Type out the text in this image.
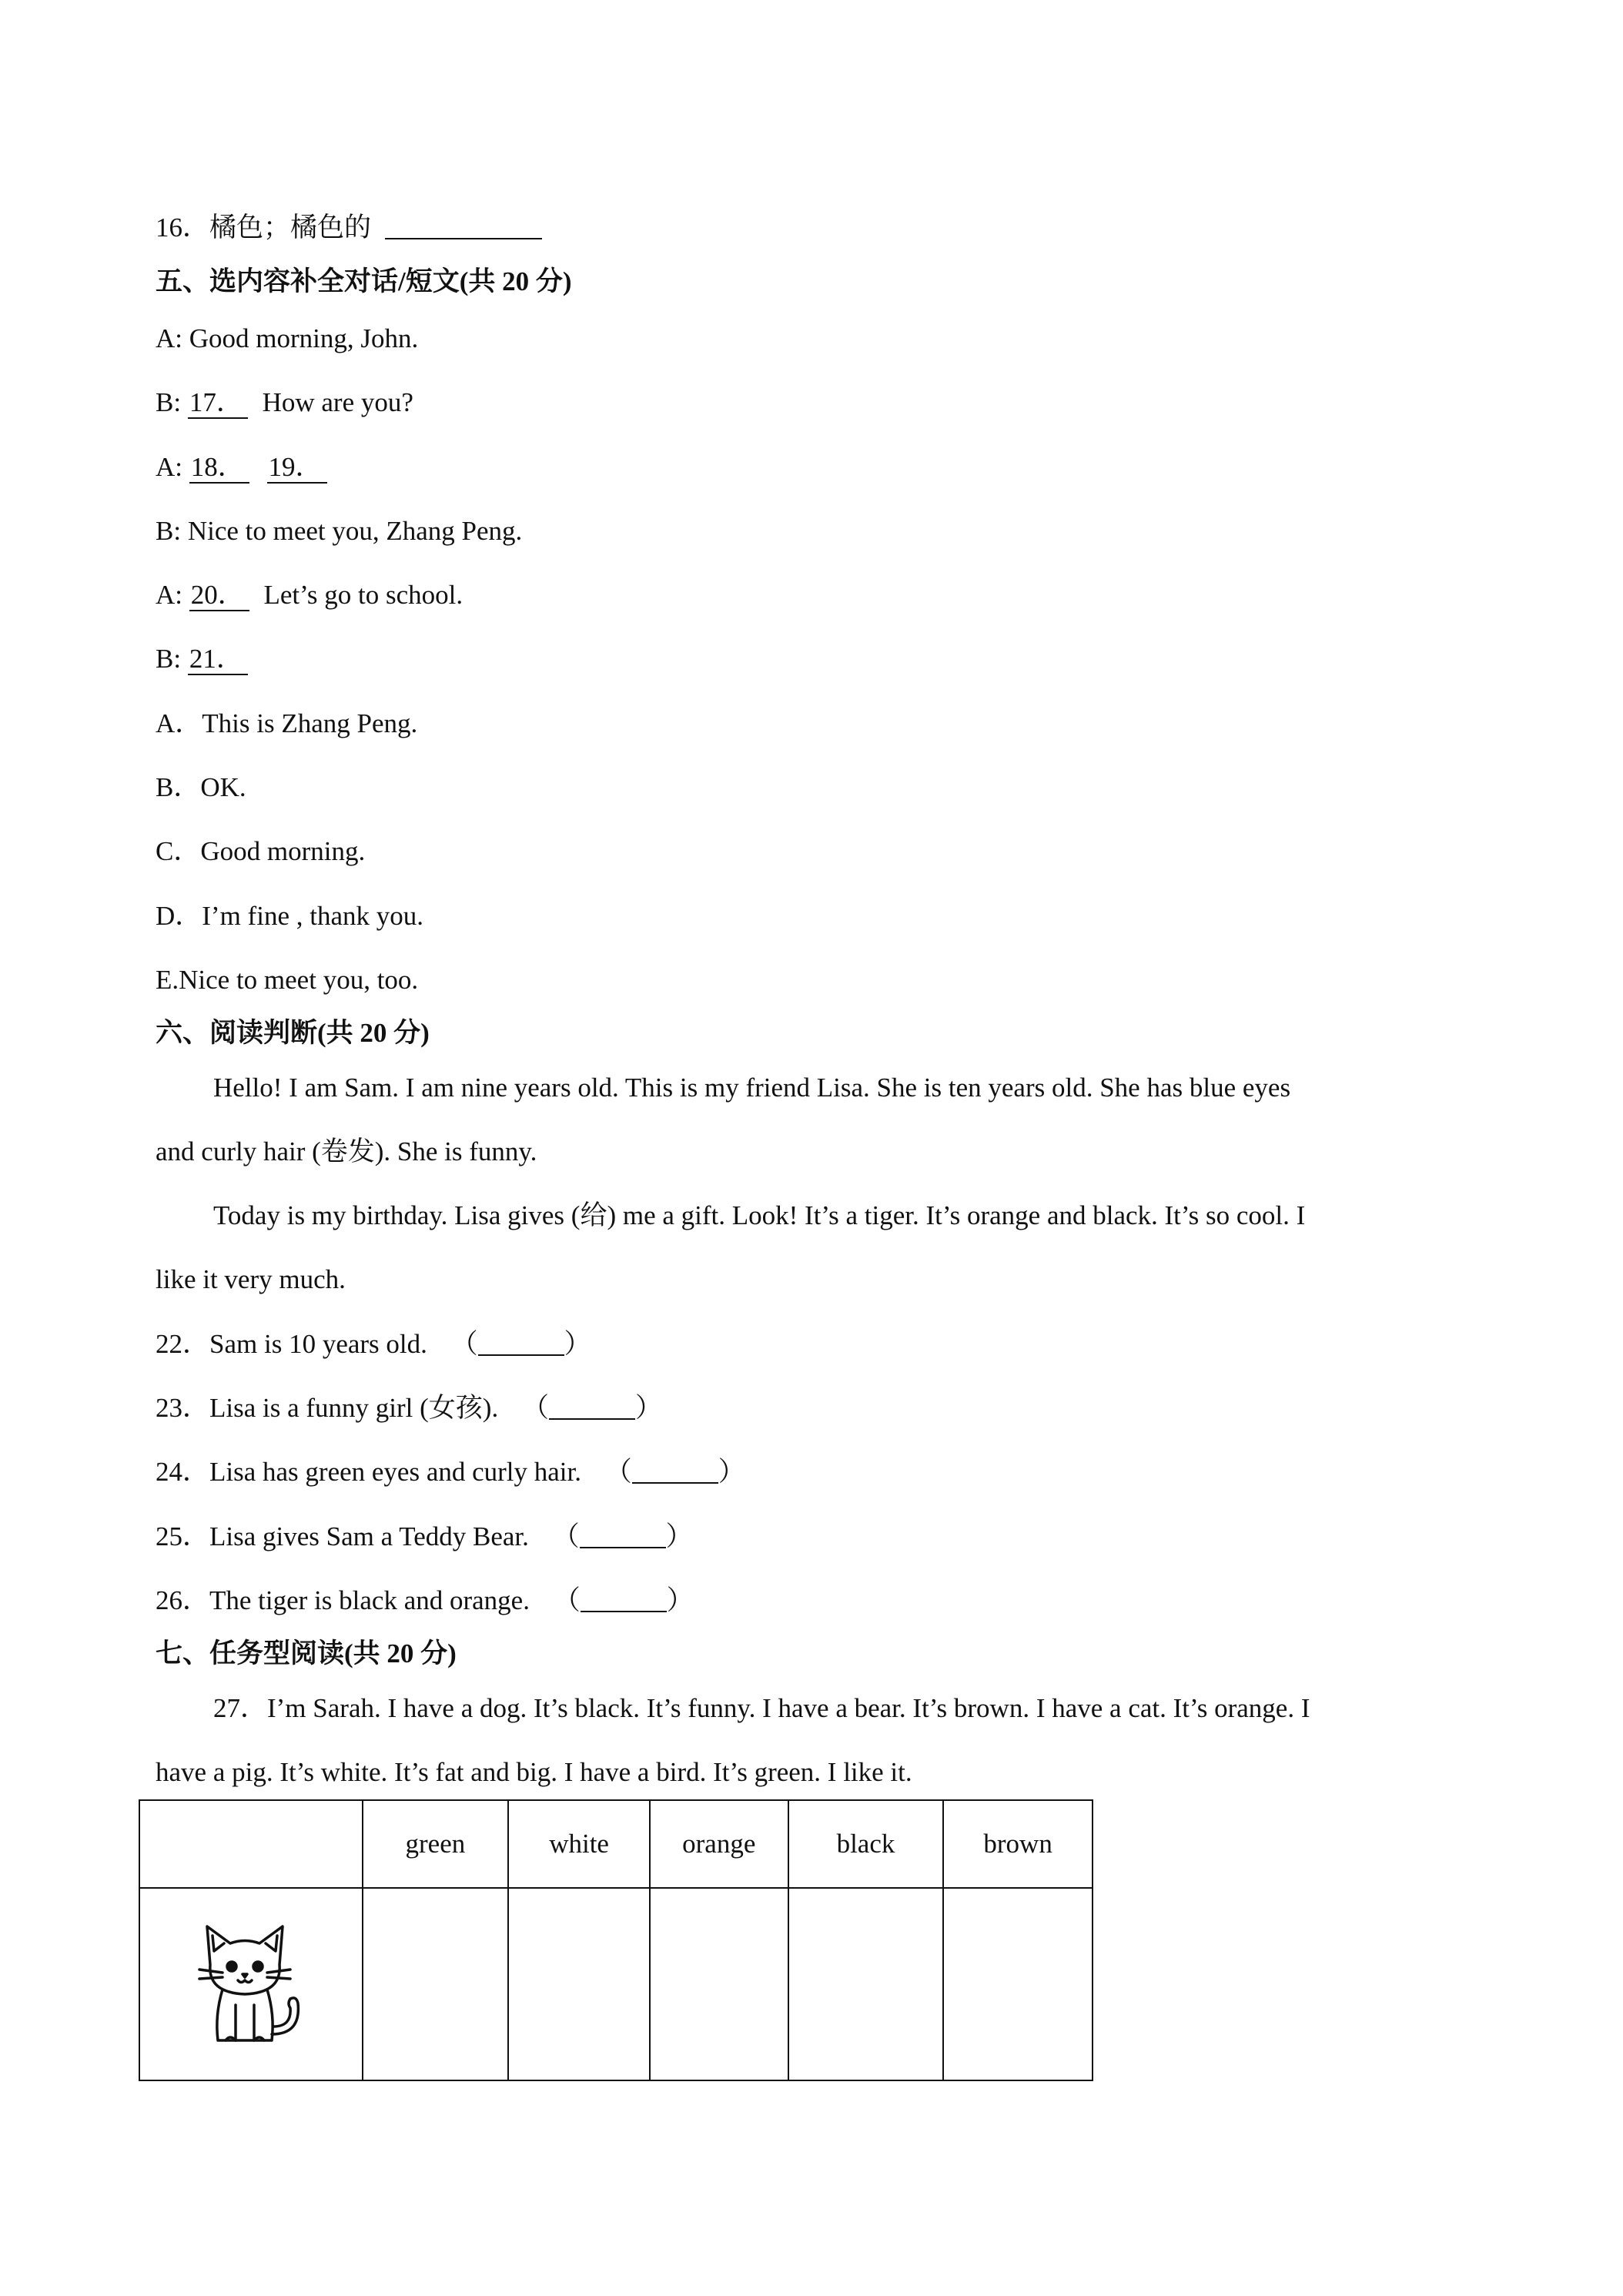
16．橘色；橘色的
五、选内容补全对话/短文(共 20 分)
A: Good morning, John.
B: 17． How are you?
A: 18． 19．
B: Nice to meet you, Zhang Peng.
A: 20． Let’s go to school.
B: 21．
A．This is Zhang Peng.
B．OK.
C．Good morning.
D．I’m fine , thank you.
E.Nice to meet you, too.
六、阅读判断(共 20 分)
Hello! I am Sam. I am nine years old. This is my friend Lisa. She is ten years old. She has blue eyes
and curly hair (卷发). She is funny.
Today is my birthday. Lisa gives (给) me a gift. Look! It’s a tiger. It’s orange and black. It’s so cool. I
like it very much.
22．Sam is 10 years old. （	）
23．Lisa is a funny girl (女孩). （	）
24．Lisa has green eyes and curly hair. （	）
25．Lisa gives Sam a Teddy Bear. （	）
26．The tiger is black and orange. （	）
七、任务型阅读(共 20 分)
27．I’m Sarah. I have a dog. It’s black. It’s funny. I have a bear. It’s brown. I have a cat. It’s orange. I
have a pig. It’s white. It’s fat and big. I have a bird. It’s green. I like it.
	green	white	orange	black	brown
